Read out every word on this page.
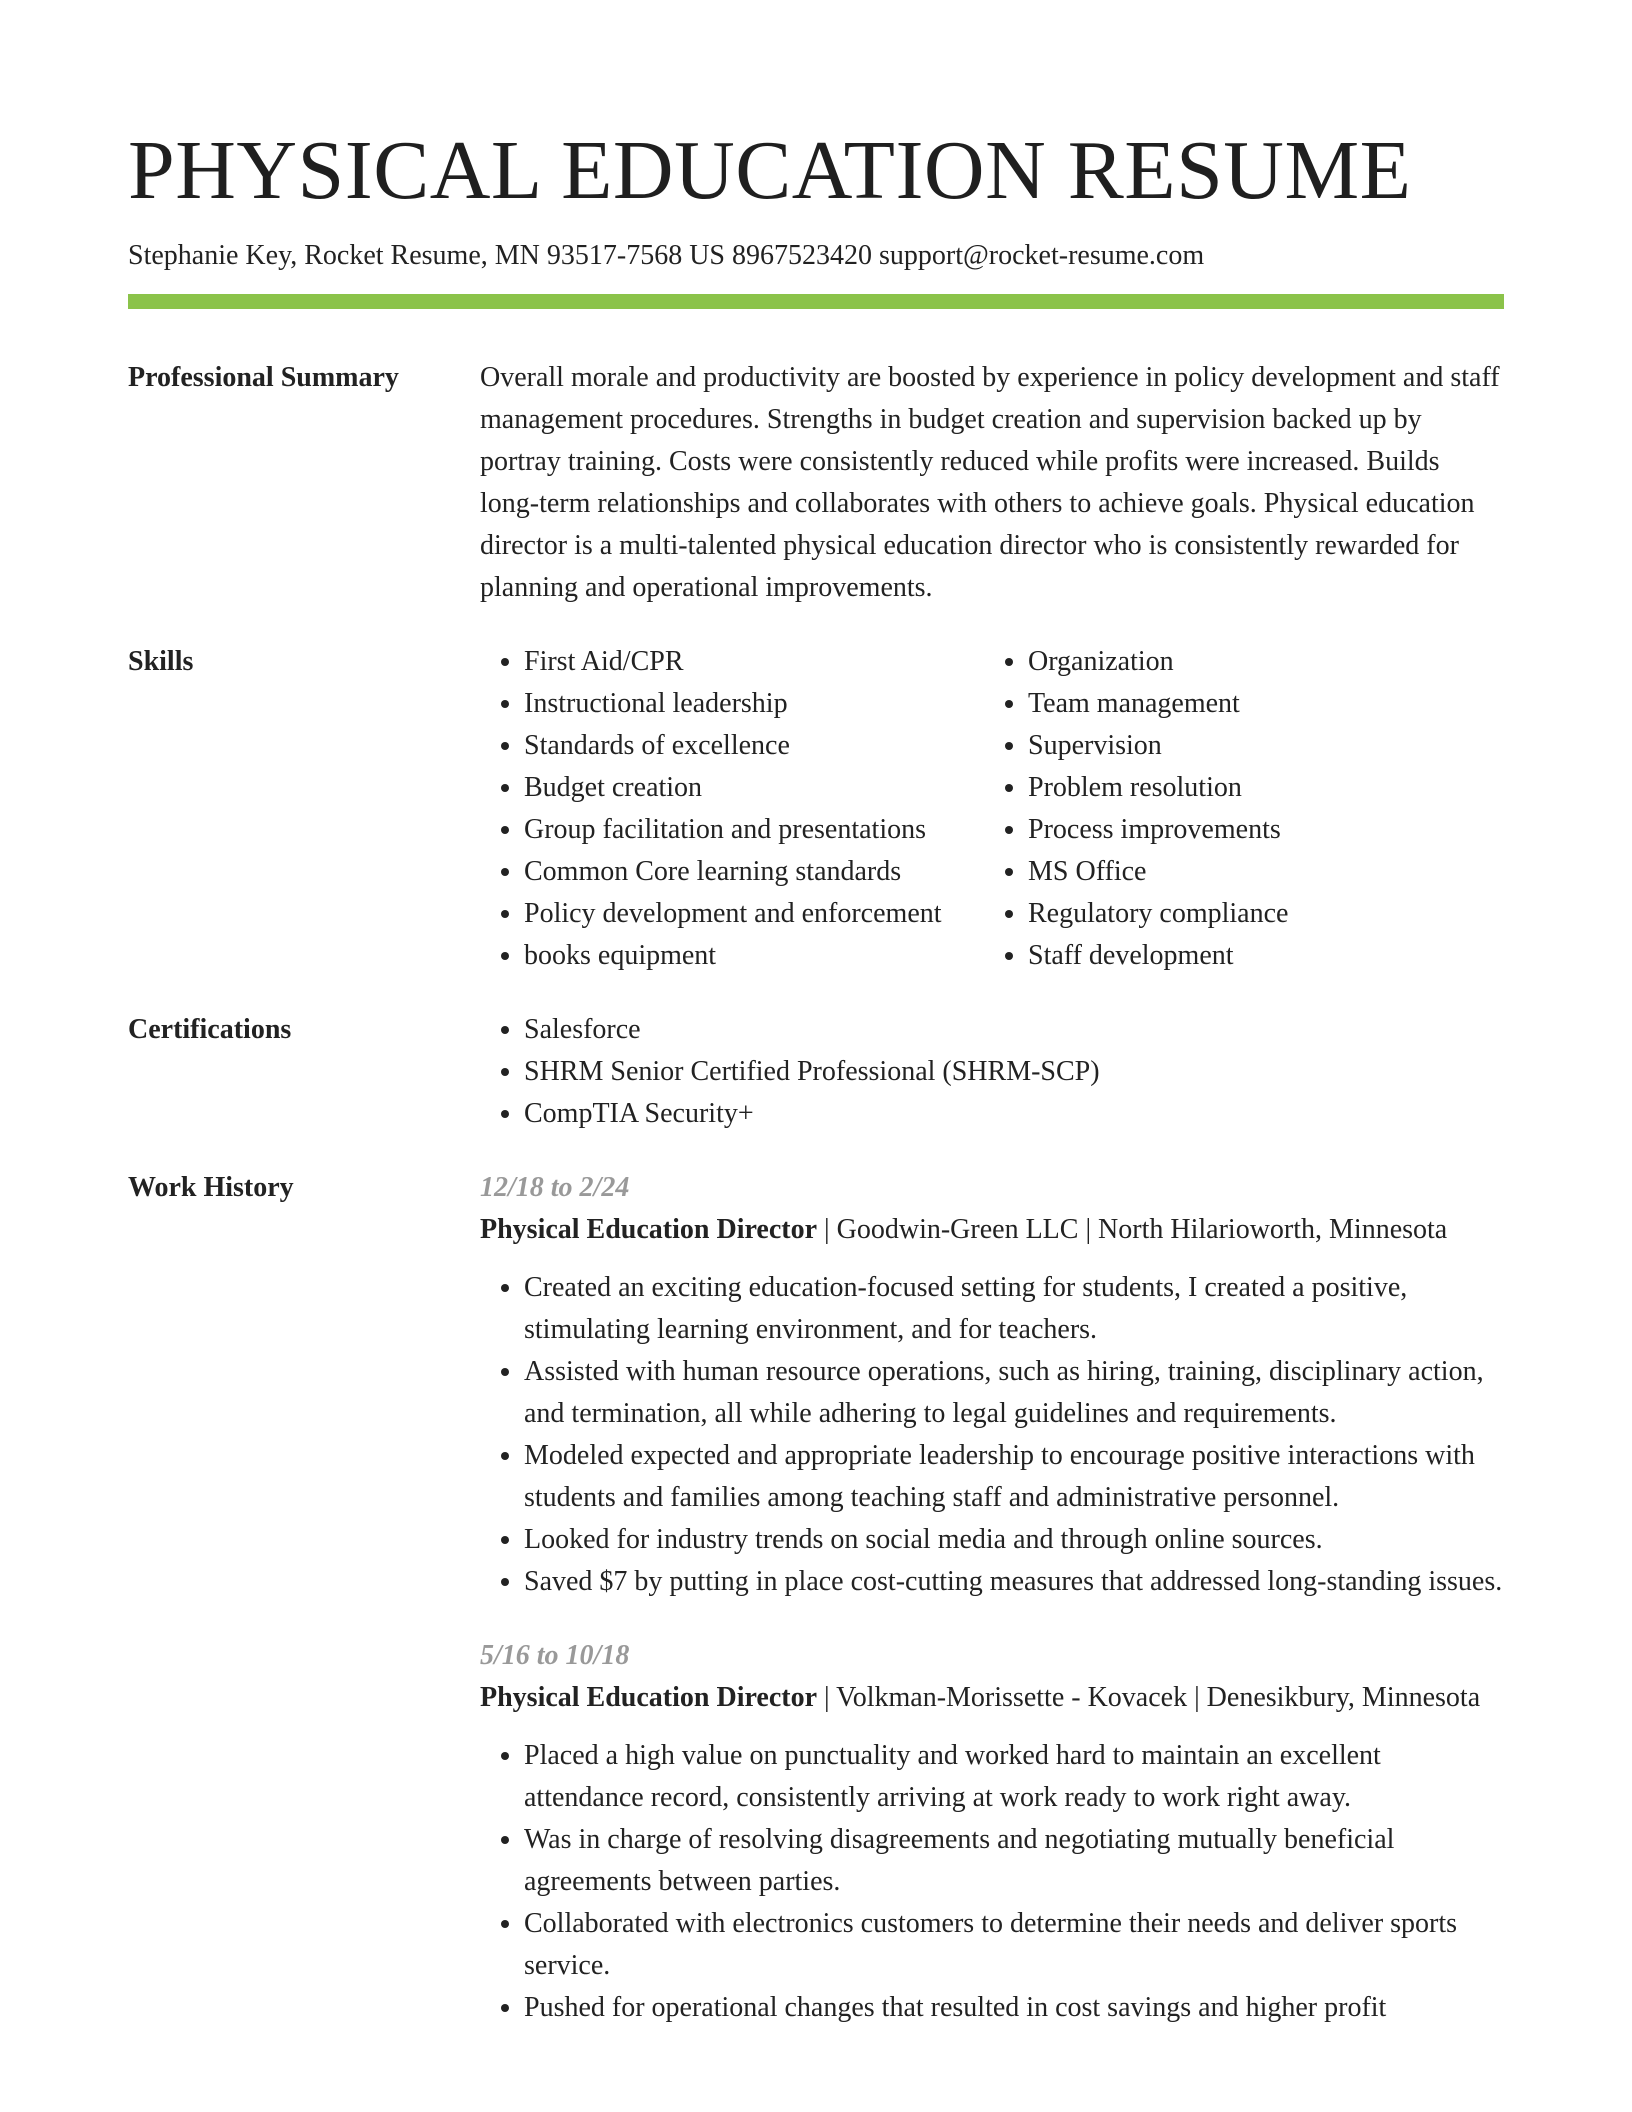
PHYSICAL EDUCATION RESUME
Stephanie Key, Rocket Resume, MN 93517-7568 US 8967523420 support@rocket-resume.com
Professional Summary	Overall morale and productivity are boosted by experience in policy development and staff management procedures. Strengths in budget creation and supervision backed up by portray training. Costs were consistently reduced while profits were increased. Builds long-term relationships and collaborates with others to achieve goals. Physical education director is a multi-talented physical education director who is consistently rewarded for planning and operational improvements.
Skills	• First Aid/CPR
• Instructional leadership
• Standards of excellence
• Budget creation
• Group facilitation and presentations
• Common Core learning standards
• Policy development and enforcement
• books equipment
• Organization
• Team management
• Supervision
• Problem resolution
• Process improvements
• MS Office
• Regulatory compliance
• Staff development
Certifications	• Salesforce
• SHRM Senior Certified Professional (SHRM-SCP)
• CompTIA Security+
Work History	12/18 to 2/24
Physical Education Director | Goodwin-Green LLC | North Hilarioworth, Minnesota
• Created an exciting education-focused setting for students, I created a positive, stimulating learning environment, and for teachers.
• Assisted with human resource operations, such as hiring, training, disciplinary action, and termination, all while adhering to legal guidelines and requirements.
• Modeled expected and appropriate leadership to encourage positive interactions with students and families among teaching staff and administrative personnel.
• Looked for industry trends on social media and through online sources.
• Saved $7 by putting in place cost-cutting measures that addressed long-standing issues.
5/16 to 10/18
Physical Education Director | Volkman-Morissette - Kovacek | Denesikbury, Minnesota
• Placed a high value on punctuality and worked hard to maintain an excellent attendance record, consistently arriving at work ready to work right away.
• Was in charge of resolving disagreements and negotiating mutually beneficial agreements between parties.
• Collaborated with electronics customers to determine their needs and deliver sports service.
• Pushed for operational changes that resulted in cost savings and higher profit
